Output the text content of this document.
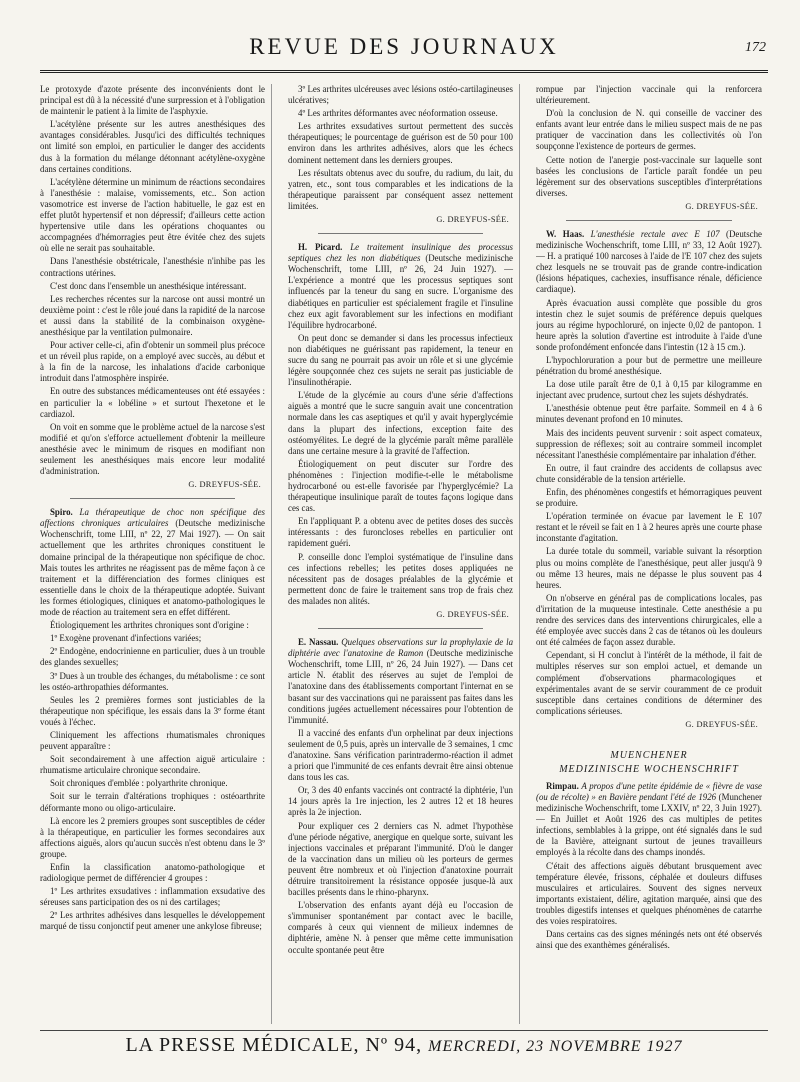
REVUE DES JOURNAUX	172

Le protoxyde d'azote présente des inconvénients dont le principal est dû à la nécessité d'une surpression et à l'obligation de maintenir le patient à la limite de l'asphyxie.

L'acétylène présente sur les autres anesthésiques des avantages considérables. Jusqu'ici des difficultés techniques ont limité son emploi, en particulier le danger des accidents dus à la formation du mélange détonnant acétylène-oxygène dans certaines conditions.

L'acétylène détermine un minimum de réactions secondaires à l'anesthésie : malaise, vomissements, etc.. Son action vasomotrice est inverse de l'action habituelle, le gaz est en effet plutôt hypertensif et non dépressif; d'ailleurs cette action hypertensive utile dans les opérations choquantes ou accompagnées d'hémorragies peut être évitée chez des sujets où elle ne serait pas souhaitable.

Dans l'anesthésie obstétricale, l'anesthésie n'inhibe pas les contractions utérines.

C'est donc dans l'ensemble un anesthésique intéressant.

Les recherches récentes sur la narcose ont aussi montré un deuxième point : c'est le rôle joué dans la rapidité de la narcose et aussi dans la stabilité de la combinaison oxygène-anesthésique par la ventilation pulmonaire.

Pour activer celle-ci, afin d'obtenir un sommeil plus précoce et un réveil plus rapide, on a employé avec succès, au début et à la fin de la narcose, les inhalations d'acide carbonique introduit dans l'atmosphère inspirée.

En outre des substances médicamenteuses ont été essayées : en particulier la « lobéline » et surtout l'hexetone et le cardiazol.

On voit en somme que le problème actuel de la narcose s'est modifié et qu'on s'efforce actuellement d'obtenir la meilleure anesthésie avec le minimum de risques en modifiant non seulement les anesthésiques mais encore leur modalité d'administration.

G. DREYFUS-SÉE.

Spiro. La thérapeutique de choc non spécifique des affections chroniques articulaires (Deutsche medizinische Wochenschrift, tome LIII, nº 22, 27 Mai 1927). — On sait actuellement que les arthrites chroniques constituent le domaine principal de la thérapeutique non spécifique de choc. Mais toutes les arthrites ne réagissent pas de même façon à ce traitement et la différenciation des formes cliniques est essentielle dans le choix de la thérapeutique adoptée. Suivant les formes étiologiques, cliniques et anatomo-pathologiques le mode de réaction au traitement sera en effet différent.

Étiologiquement les arthrites chroniques sont d'origine :

1º Exogène provenant d'infections variées;

2º Endogène, endocrinienne en particulier, dues à un trouble des glandes sexuelles;

3º Dues à un trouble des échanges, du métabolisme : ce sont les ostéo-arthropathies déformantes.

Seules les 2 premières formes sont justiciables de la thérapeutique non spécifique, les essais dans la 3º forme étant voués à l'échec.

Cliniquement les affections rhumatismales chroniques peuvent apparaître :

Soit secondairement à une affection aiguë articulaire : rhumatisme articulaire chronique secondaire.

Soit chroniques d'emblée : polyarthrite chronique.

Soit sur le terrain d'altérations trophiques : ostéoarthrite déformante mono ou oligo-articulaire.

Là encore les 2 premiers groupes sont susceptibles de céder à la thérapeutique, en particulier les formes secondaires aux affections aiguës, alors qu'aucun succès n'est obtenu dans le 3º groupe.

Enfin la classification anatomo-pathologique et radiologique permet de différencier 4 groupes :

1º Les arthrites exsudatives : inflammation exsudative des séreuses sans participation des os ni des cartilages;

2º Les arthrites adhésives dans lesquelles le développement marqué de tissu conjonctif peut amener une ankylose fibreuse;

3º Les arthrites ulcéreuses avec lésions ostéo-cartilagineuses ulcératives;

4º Les arthrites déformantes avec néoformation osseuse.

Les arthrites exsudatives surtout permettent des succès thérapeutiques; le pourcentage de guérison est de 50 pour 100 environ dans les arthrites adhésives, alors que les échecs dominent nettement dans les derniers groupes.

Les résultats obtenus avec du soufre, du radium, du lait, du yatren, etc., sont tous comparables et les indications de la thérapeutique paraissent par conséquent assez nettement limitées.

G. DREYFUS-SÉE.

H. Picard. Le traitement insulinique des processus septiques chez les non diabétiques (Deutsche medizinische Wochenschrift, tome LIII, nº 26, 24 Juin 1927). — L'expérience a montré que les processus septiques sont influencés par la teneur du sang en sucre. L'organisme des diabétiques en particulier est spécialement fragile et l'insuline chez eux agit favorablement sur les infections en modifiant l'équilibre hydrocarboné.

On peut donc se demander si dans les processus infectieux non diabétiques ne guérissant pas rapidement, la teneur en sucre du sang ne pourrait pas avoir un rôle et si une glycémie légère soupçonnée chez ces sujets ne serait pas justiciable de l'insulinothérapie.

L'étude de la glycémie au cours d'une série d'affections aiguës a montré que le sucre sanguin avait une concentration normale dans les cas aseptiques et qu'il y avait hyperglycémie dans la plupart des infections, exception faite des ostéomyélites. Le degré de la glycémie paraît même parallèle dans une certaine mesure à la gravité de l'affection.

Étiologiquement on peut discuter sur l'ordre des phénomènes : l'injection modifie-t-elle le métabolisme hydrocarboné ou est-elle favorisée par l'hyperglycémie? La thérapeutique insulinique paraît de toutes façons logique dans ces cas.

En l'appliquant P. a obtenu avec de petites doses des succès intéressants : des furoncloses rebelles en particulier ont rapidement guéri.

P. conseille donc l'emploi systématique de l'insuline dans ces infections rebelles; les petites doses appliquées ne nécessitent pas de dosages préalables de la glycémie et permettent donc de faire le traitement sans trop de frais chez des malades non alités.

G. DREYFUS-SÉE.

E. Nassau. Quelques observations sur la prophylaxie de la diphtérie avec l'anatoxine de Ramon (Deutsche medizinische Wochenschrift, tome LIII, nº 26, 24 Juin 1927). — Dans cet article N. établit des réserves au sujet de l'emploi de l'anatoxine dans des établissements comportant l'internat en se basant sur des vaccinations qui ne paraissent pas faites dans les conditions jugées actuellement nécessaires pour l'obtention de l'immunité.

Il a vacciné des enfants d'un orphelinat par deux injections seulement de 0,5 puis, après un intervalle de 3 semaines, 1 cmc d'anatoxine. Sans vérification parintradermo-réaction il admet a priori que l'immunité de ces enfants devrait être ainsi obtenue dans tous les cas.

Or, 3 des 40 enfants vaccinés ont contracté la diphtérie, l'un 14 jours après la 1re injection, les 2 autres 12 et 18 heures après la 2e injection.

Pour expliquer ces 2 derniers cas N. admet l'hypothèse d'une période négative, anergique en quelque sorte, suivant les injections vaccinales et préparant l'immunité. D'où le danger de la vaccination dans un milieu où les porteurs de germes peuvent être nombreux et où l'injection d'anatoxine pourrait détruire transitoirement la résistance opposée jusque-là aux bacilles présents dans le rhino-pharynx.

L'observation des enfants ayant déjà eu l'occasion de s'immuniser spontanément par contact avec le bacille, comparés à ceux qui viennent de milieux indemnes de diphtérie, amène N. à penser que même cette immunisation occulte spontanée peut être

rompue par l'injection vaccinale qui la renforcera ultérieurement.

D'où la conclusion de N. qui conseille de vacciner des enfants avant leur entrée dans le milieu suspect mais de ne pas pratiquer de vaccination dans les collectivités où l'on soupçonne l'existence de porteurs de germes.

Cette notion de l'anergie post-vaccinale sur laquelle sont basées les conclusions de l'article paraît fondée un peu légèrement sur des observations susceptibles d'interprétations diverses.

G. DREYFUS-SÉE.

W. Haas. L'anesthésie rectale avec E 107 (Deutsche medizinische Wochenschrift, tome LIII, nº 33, 12 Août 1927). — H. a pratiqué 100 narcoses à l'aide de l'E 107 chez des sujets chez lesquels ne se trouvait pas de grande contre-indication (lésions hépatiques, cachexies, insuffisance rénale, déficience cardiaque).

Après évacuation aussi complète que possible du gros intestin chez le sujet soumis de préférence depuis quelques jours au régime hypochloruré, on injecte 0,02 de pantopon. 1 heure après la solution d'avertine est introduite à l'aide d'une sonde profondément enfoncée dans l'intestin (12 à 15 cm.).

L'hypochloruration a pour but de permettre une meilleure pénétration du bromé anesthésique.

La dose utile paraît être de 0,1 à 0,15 par kilogramme en injectant avec prudence, surtout chez les sujets déshydratés.

L'anesthésie obtenue peut être parfaite. Sommeil en 4 à 6 minutes devenant profond en 10 minutes.

Mais des incidents peuvent survenir : soit aspect comateux, suppression de réflexes; soit au contraire sommeil incomplet nécessitant l'anesthésie complémentaire par inhalation d'éther.

En outre, il faut craindre des accidents de collapsus avec chute considérable de la tension artérielle.

Enfin, des phénomènes congestifs et hémorragiques peuvent se produire.

L'opération terminée on évacue par lavement le E 107 restant et le réveil se fait en 1 à 2 heures après une courte phase inconstante d'agitation.

La durée totale du sommeil, variable suivant la résorption plus ou moins complète de l'anesthésique, peut aller jusqu'à 9 ou même 13 heures, mais ne dépasse le plus souvent pas 4 heures.

On n'observe en général pas de complications locales, pas d'irritation de la muqueuse intestinale. Cette anesthésie a pu rendre des services dans des interventions chirurgicales, elle a été employée avec succès dans 2 cas de tétanos où les douleurs ont été calmées de façon assez durable.

Cependant, si H conclut à l'intérêt de la méthode, il fait de multiples réserves sur son emploi actuel, et demande un complément d'observations pharmacologiques et expérimentales avant de se servir couramment de ce produit susceptible dans certaines conditions de déterminer des complications sérieuses.

G. DREYFUS-SÉE.
MUENCHENER
MEDIZINISCHE WOCHENSCHRIFT

Rimpau. A propos d'une petite épidémie de « fièvre de vase (ou de récolte) » en Bavière pendant l'été de 1926 (Munchener medizinische Wochenschrift, tome LXXIV, nº 22, 3 Juin 1927). — En Juillet et Août 1926 des cas multiples de petites infections, semblables à la grippe, ont été signalés dans le sud de la Bavière, atteignant surtout de jeunes travailleurs employés à la récolte dans des champs inondés.

C'était des affections aiguës débutant brusquement avec température élevée, frissons, céphalée et douleurs diffuses musculaires et articulaires. Souvent des signes nerveux importants existaient, délire, agitation marquée, ainsi que des troubles digestifs intenses et quelques phénomènes de catarrhe des voies respiratoires.

Dans certains cas des signes méningés nets ont été observés ainsi que des exanthèmes généralisés.

LA PRESSE MÉDICALE, Nº 94, MERCREDI, 23 NOVEMBRE 1927
